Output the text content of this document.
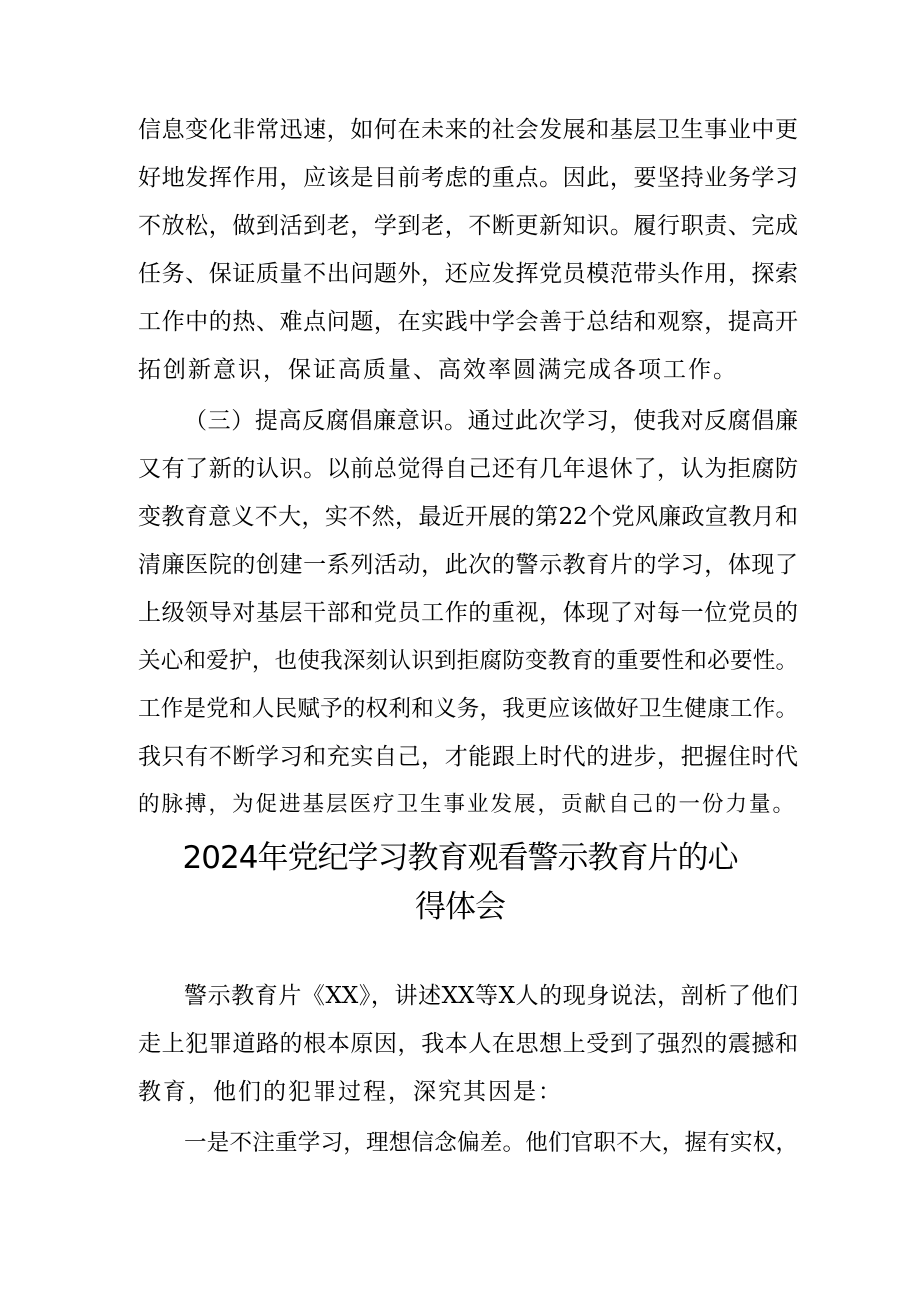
信息变化非常迅速，如何在未来的社会发展和基层卫生事业中更
好地发挥作用，应该是目前考虑的重点。因此，要坚持业务学习
不放松，做到活到老，学到老，不断更新知识。履行职责、完成
任务、保证质量不出问题外，还应发挥党员模范带头作用，探索
工作中的热、难点问题，在实践中学会善于总结和观察，提高开
拓创新意识，保证高质量、高效率圆满完成各项工作。
（三）提高反腐倡廉意识。通过此次学习，使我对反腐倡廉
又有了新的认识。以前总觉得自己还有几年退休了，认为拒腐防
变教育意义不大，实不然，最近开展的第22个党风廉政宣教月和
清廉医院的创建一系列活动，此次的警示教育片的学习，体现了
上级领导对基层干部和党员工作的重视，体现了对每一位党员的
关心和爱护，也使我深刻认识到拒腐防变教育的重要性和必要性。
工作是党和人民赋予的权利和义务，我更应该做好卫生健康工作。
我只有不断学习和充实自己，才能跟上时代的进步，把握住时代
的脉搏，为促进基层医疗卫生事业发展，贡献自己的一份力量。
2024年党纪学习教育观看警示教育片的心
得体会
警示教育片《XX》，讲述XX等X人的现身说法，剖析了他们
走上犯罪道路的根本原因，我本人在思想上受到了强烈的震撼和
教育，他们的犯罪过程，深究其因是：
一是不注重学习，理想信念偏差。他们官职不大，握有实权，
